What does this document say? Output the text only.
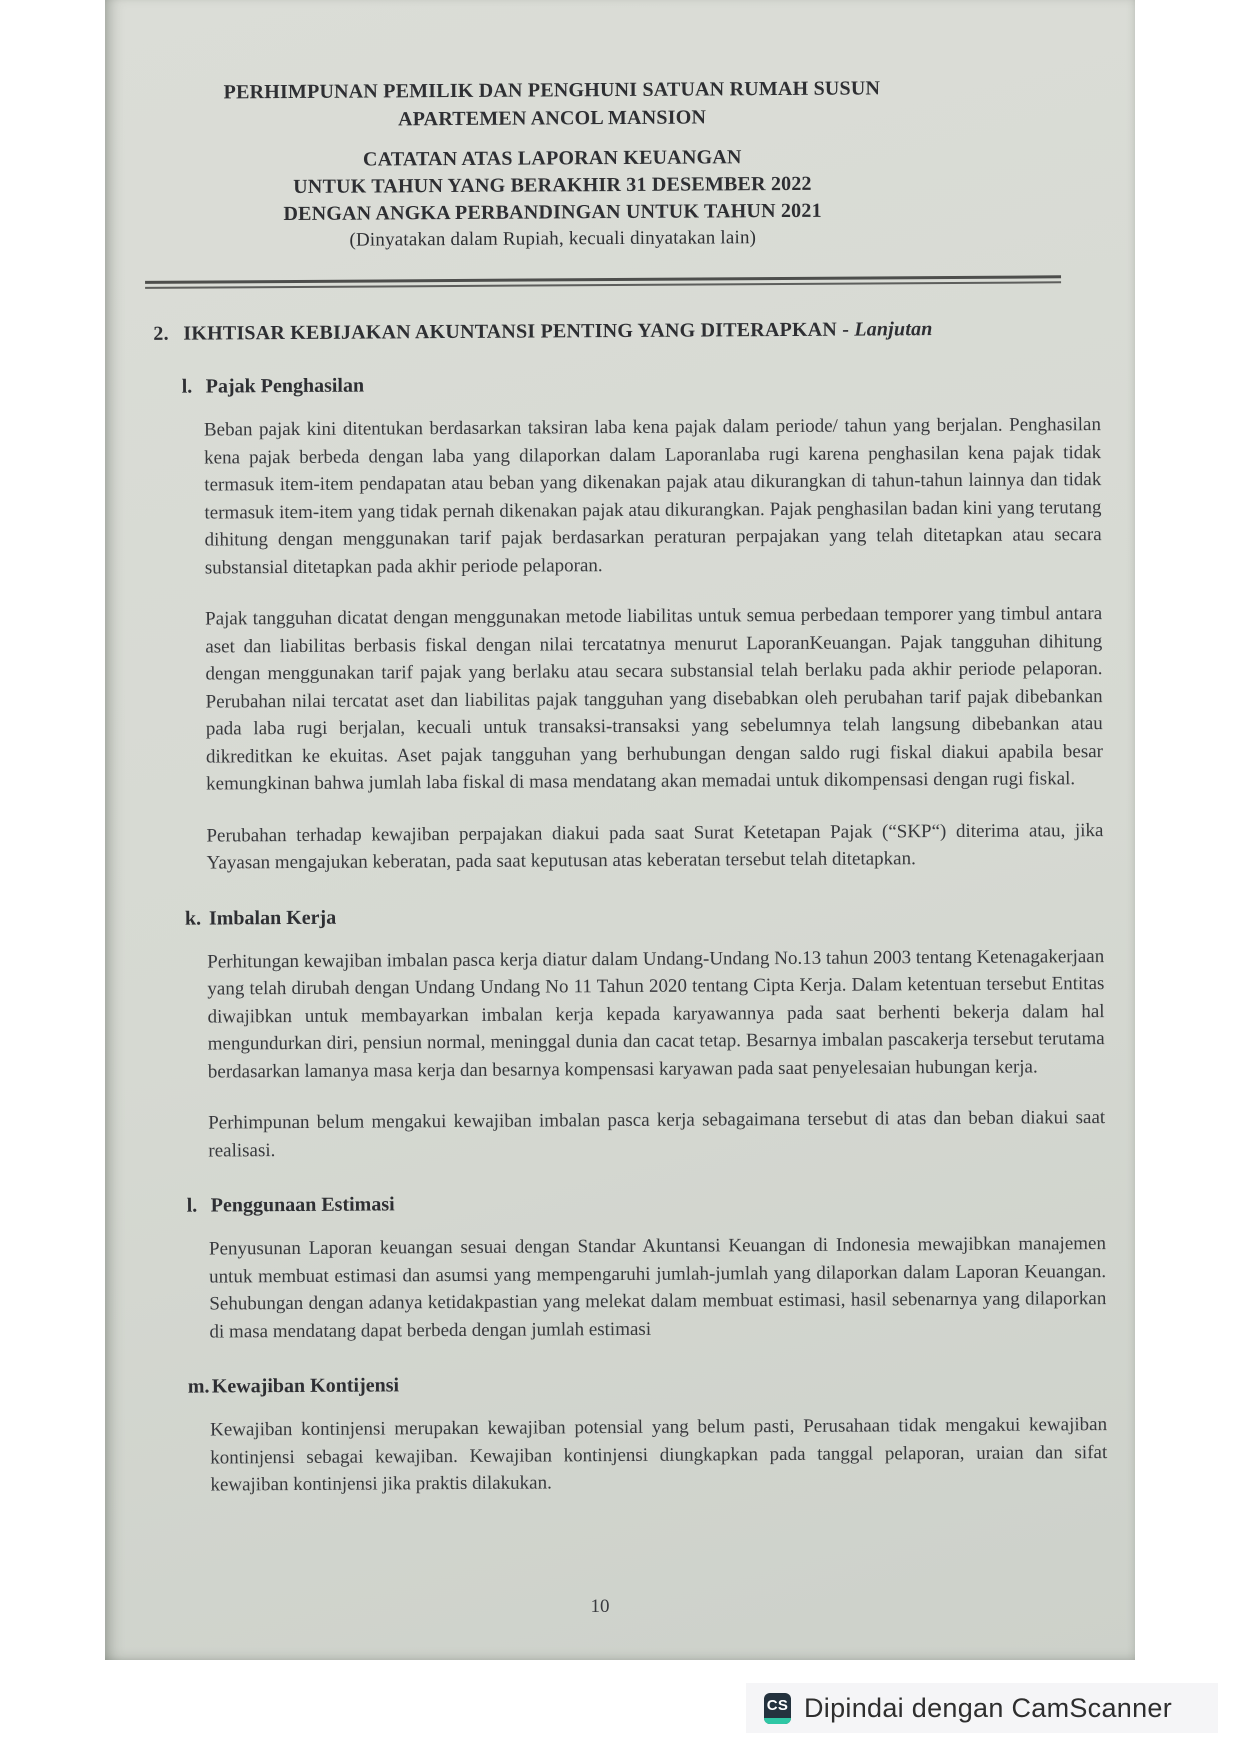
PERHIMPUNAN PEMILIK DAN PENGHUNI SATUAN RUMAH SUSUN
APARTEMEN ANCOL MANSION
CATATAN ATAS LAPORAN KEUANGAN
UNTUK TAHUN YANG BERAKHIR 31 DESEMBER 2022
DENGAN ANGKA PERBANDINGAN UNTUK TAHUN 2021
(Dinyatakan dalam Rupiah, kecuali dinyatakan lain)
2. IKHTISAR KEBIJAKAN AKUNTANSI PENTING YANG DITERAPKAN - Lanjutan
l. Pajak Penghasilan

Beban pajak kini ditentukan berdasarkan taksiran laba kena pajak dalam periode/ tahun yang berjalan. Penghasilan kena pajak berbeda dengan laba yang dilaporkan dalam Laporanlaba rugi karena penghasilan kena pajak tidak termasuk item-item pendapatan atau beban yang dikenakan pajak atau dikurangkan di tahun-tahun lainnya dan tidak termasuk item-item yang tidak pernah dikenakan pajak atau dikurangkan. Pajak penghasilan badan kini yang terutang dihitung dengan menggunakan tarif pajak berdasarkan peraturan perpajakan yang telah ditetapkan atau secara substansial ditetapkan pada akhir periode pelaporan.

Pajak tangguhan dicatat dengan menggunakan metode liabilitas untuk semua perbedaan temporer yang timbul antara aset dan liabilitas berbasis fiskal dengan nilai tercatatnya menurut LaporanKeuangan. Pajak tangguhan dihitung dengan menggunakan tarif pajak yang berlaku atau secara substansial telah berlaku pada akhir periode pelaporan. Perubahan nilai tercatat aset dan liabilitas pajak tangguhan yang disebabkan oleh perubahan tarif pajak dibebankan pada laba rugi berjalan, kecuali untuk transaksi-transaksi yang sebelumnya telah langsung dibebankan atau dikreditkan ke ekuitas. Aset pajak tangguhan yang berhubungan dengan saldo rugi fiskal diakui apabila besar kemungkinan bahwa jumlah laba fiskal di masa mendatang akan memadai untuk dikompensasi dengan rugi fiskal.

Perubahan terhadap kewajiban perpajakan diakui pada saat Surat Ketetapan Pajak (“SKP“) diterima atau, jika Yayasan mengajukan keberatan, pada saat keputusan atas keberatan tersebut telah ditetapkan.

k. Imbalan Kerja

Perhitungan kewajiban imbalan pasca kerja diatur dalam Undang-Undang No.13 tahun 2003 tentang Ketenagakerjaan yang telah dirubah dengan Undang Undang No 11 Tahun 2020 tentang Cipta Kerja. Dalam ketentuan tersebut Entitas diwajibkan untuk membayarkan imbalan kerja kepada karyawannya pada saat berhenti bekerja dalam hal mengundurkan diri, pensiun normal, meninggal dunia dan cacat tetap. Besarnya imbalan pascakerja tersebut terutama berdasarkan lamanya masa kerja dan besarnya kompensasi karyawan pada saat penyelesaian hubungan kerja.

Perhimpunan belum mengakui kewajiban imbalan pasca kerja sebagaimana tersebut di atas dan beban diakui saat realisasi.

l. Penggunaan Estimasi

Penyusunan Laporan keuangan sesuai dengan Standar Akuntansi Keuangan di Indonesia mewajibkan manajemen untuk membuat estimasi dan asumsi yang mempengaruhi jumlah-jumlah yang dilaporkan dalam Laporan Keuangan. Sehubungan dengan adanya ketidakpastian yang melekat dalam membuat estimasi, hasil sebenarnya yang dilaporkan di masa mendatang dapat berbeda dengan jumlah estimasi

m. Kewajiban Kontijensi

Kewajiban kontinjensi merupakan kewajiban potensial yang belum pasti, Perusahaan tidak mengakui kewajiban kontinjensi sebagai kewajiban. Kewajiban kontinjensi diungkapkan pada tanggal pelaporan, uraian dan sifat kewajiban kontinjensi jika praktis dilakukan.

10
CS Dipindai dengan CamScanner
